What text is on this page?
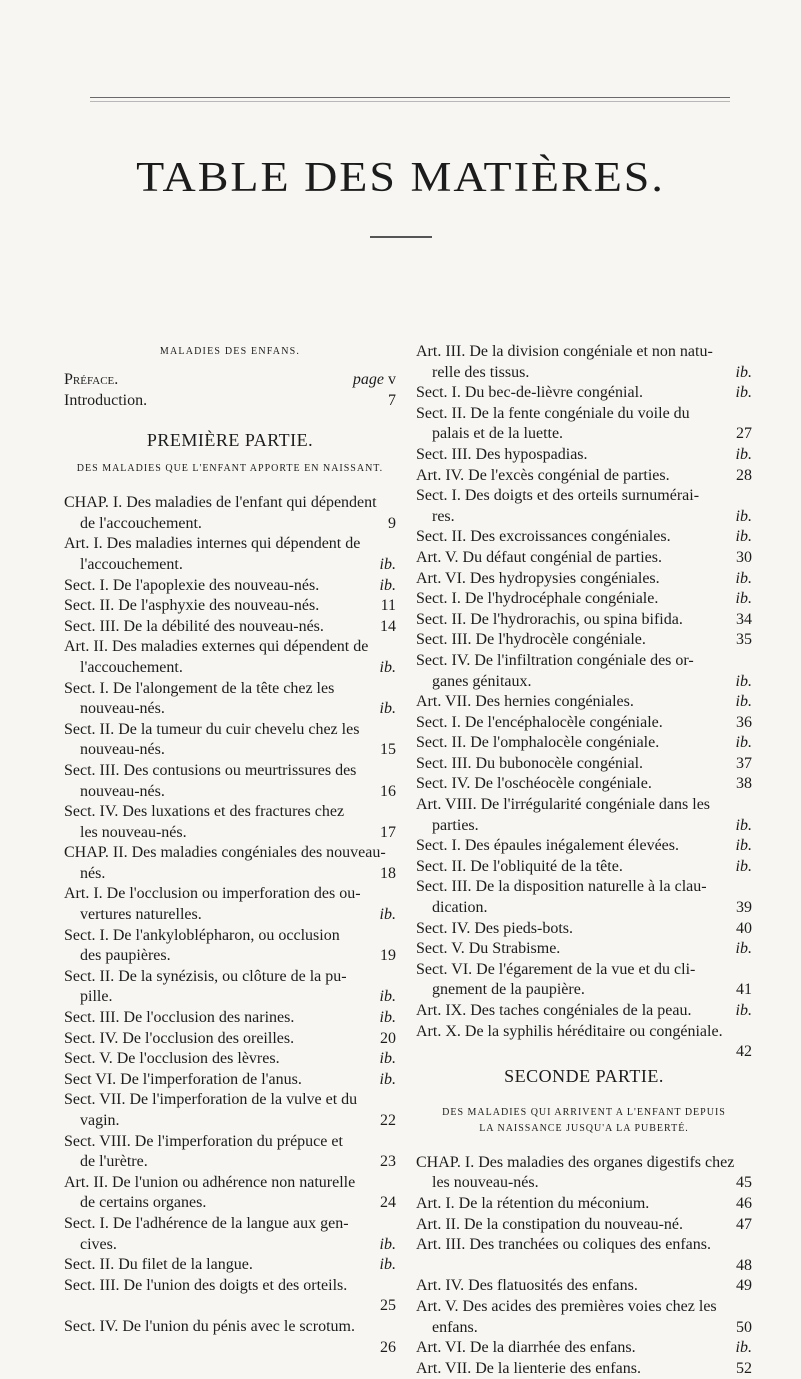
TABLE DES MATIÈRES.
MALADIES DES ENFANS.
Préface.	page v
Introduction.	7
PREMIÈRE PARTIE.
DES MALADIES QUE L'ENFANT APPORTE EN NAISSANT.
CHAP. I. Des maladies de l'enfant qui dépendent
de l'accouchement.	9
Art. I. Des maladies internes qui dépendent de
l'accouchement.	ib.
Sect. I. De l'apoplexie des nouveau-nés.	ib.
Sect. II. De l'asphyxie des nouveau-nés.	11
Sect. III. De la débilité des nouveau-nés.	14
Art. II. Des maladies externes qui dépendent de
l'accouchement.	ib.
Sect. I. De l'alongement de la tête chez les
nouveau-nés.	ib.
Sect. II. De la tumeur du cuir chevelu chez les
nouveau-nés.	15
Sect. III. Des contusions ou meurtrissures des
nouveau-nés.	16
Sect. IV. Des luxations et des fractures chez
les nouveau-nés.	17
CHAP. II. Des maladies congéniales des nouveau-
nés.	18
Art. I. De l'occlusion ou imperforation des ou-
vertures naturelles.	ib.
Sect. I. De l'ankyloblépharon, ou occlusion
des paupières.	19
Sect. II. De la synézisis, ou clôture de la pu-
pille.	ib.
Sect. III. De l'occlusion des narines.	ib.
Sect. IV. De l'occlusion des oreilles.	20
Sect. V. De l'occlusion des lèvres.	ib.
Sect VI. De l'imperforation de l'anus.	ib.
Sect. VII. De l'imperforation de la vulve et du
vagin.	22
Sect. VIII. De l'imperforation du prépuce et
de l'urètre.	23
Art. II. De l'union ou adhérence non naturelle
de certains organes.	24
Sect. I. De l'adhérence de la langue aux gen-
cives.	ib.
Sect. II. Du filet de la langue.	ib.
Sect. III. De l'union des doigts et des orteils.
25
Sect. IV. De l'union du pénis avec le scrotum.
26
Art. III. De la division congéniale et non natu-
relle des tissus.	ib.
Sect. I. Du bec-de-lièvre congénial.	ib.
Sect. II. De la fente congéniale du voile du
palais et de la luette.	27
Sect. III. Des hypospadias.	ib.
Art. IV. De l'excès congénial de parties.	28
Sect. I. Des doigts et des orteils surnuméraі-
res.	ib.
Sect. II. Des excroissances congéniales.	ib.
Art. V. Du défaut congénial de parties.	30
Art. VI. Des hydropysies congéniales.	ib.
Sect. I. De l'hydrocéphale congéniale.	ib.
Sect. II. De l'hydrorachis, ou spina bifida.	34
Sect. III. De l'hydrocèle congéniale.	35
Sect. IV. De l'infiltration congéniale des or-
ganes génitaux.	ib.
Art. VII. Des hernies congéniales.	ib.
Sect. I. De l'encéphalocèle congéniale.	36
Sect. II. De l'omphalocèle congéniale.	ib.
Sect. III. Du bubonocèle congénial.	37
Sect. IV. De l'oschéocèle congéniale.	38
Art. VIII. De l'irrégularité congéniale dans les
parties.	ib.
Sect. I. Des épaules inégalement élevées.	ib.
Sect. II. De l'obliquité de la tête.	ib.
Sect. III. De la disposition naturelle à la clau-
dication.	39
Sect. IV. Des pieds-bots.	40
Sect. V. Du Strabisme.	ib.
Sect. VI. De l'égarement de la vue et du cli-
gnement de la paupière.	41
Art. IX. Des taches congéniales de la peau.	ib.
Art. X. De la syphilis héréditaire ou congéniale.
42
SECONDE PARTIE.
DES MALADIES QUI ARRIVENT A L'ENFANT DEPUIS
LA NAISSANCE JUSQU'A LA PUBERTÉ.
CHAP. I. Des maladies des organes digestifs chez
les nouveau-nés.	45
Art. I. De la rétention du méconium.	46
Art. II. De la constipation du nouveau-né.	47
Art. III. Des tranchées ou coliques des enfans.
48
Art. IV. Des flatuosités des enfans.	49
Art. V. Des acides des premières voies chez les
enfans.	50
Art. VI. De la diarrhée des enfans.	ib.
Art. VII. De la lienterie des enfans.	52
